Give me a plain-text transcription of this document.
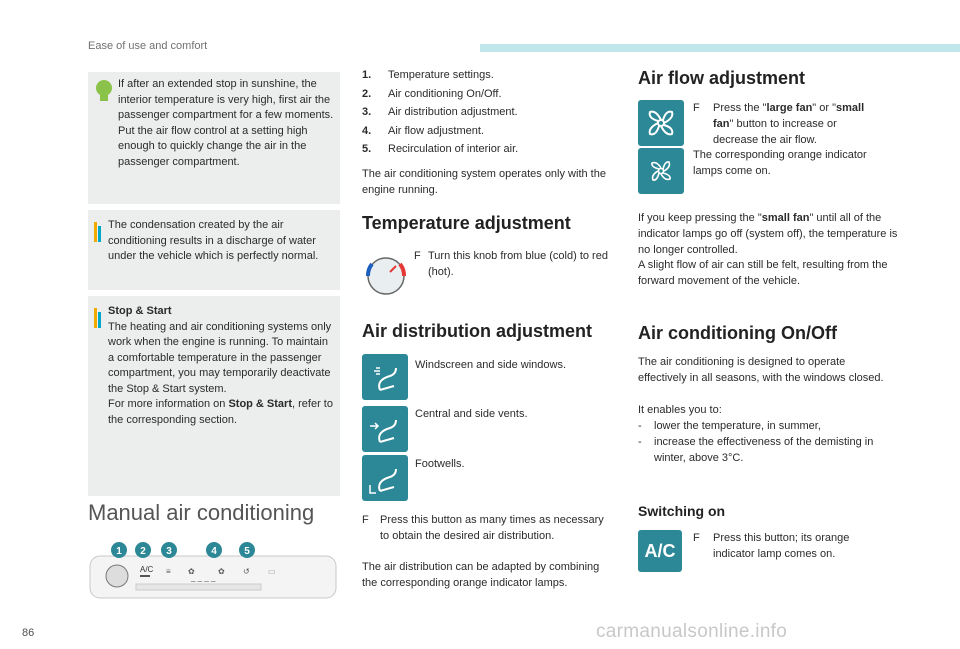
Ease of use and comfort

If after an extended stop in sunshine, the interior temperature is very high, first air the passenger compartment for a few moments.

Put the air flow control at a setting high enough to quickly change the air in the passenger compartment.

The condensation created by the air conditioning results in a discharge of water under the vehicle which is perfectly normal.

Stop & Start

The heating and air conditioning systems only work when the engine is running. To maintain a comfortable temperature in the passenger compartment, you may temporarily deactivate the Stop & Start system.

For more information on Stop & Start, refer to the corresponding section.

Manual air conditioning
1 2 3	4	5
A/C ≡ ✿
_ _ _ _
✿ ↺ ▭
1.	Temperature settings.
2.	Air conditioning On/Off.
3.	Air distribution adjustment.
4.	Air flow adjustment.
5.	Recirculation of interior air.
The air conditioning system operates only with the engine running.
Temperature adjustment
F Turn this knob from blue (cold) to red (hot).
Air distribution adjustment
Windscreen and side windows.
Central and side vents.
Footwells.
F	Press this button as many times as necessary to obtain the desired air distribution.
The air distribution can be adapted by combining the corresponding orange indicator lamps.
Air flow adjustment
F	Press the "large fan" or "small fan" button to increase or decrease the air flow.
The corresponding orange indicator lamps come on.
If you keep pressing the "small fan" until all of the indicator lamps go off (system off), the temperature is no longer controlled.
A slight flow of air can still be felt, resulting from the forward movement of the vehicle.
Air conditioning On/Off
The air conditioning is designed to operate effectively in all seasons, with the windows closed.
It enables you to:
-	lower the temperature, in summer,
-	increase the effectiveness of the demisting in winter, above 3°C.
Switching on
A/C
F	Press this button; its orange indicator lamp comes on.
86	carmanualsonline.info
